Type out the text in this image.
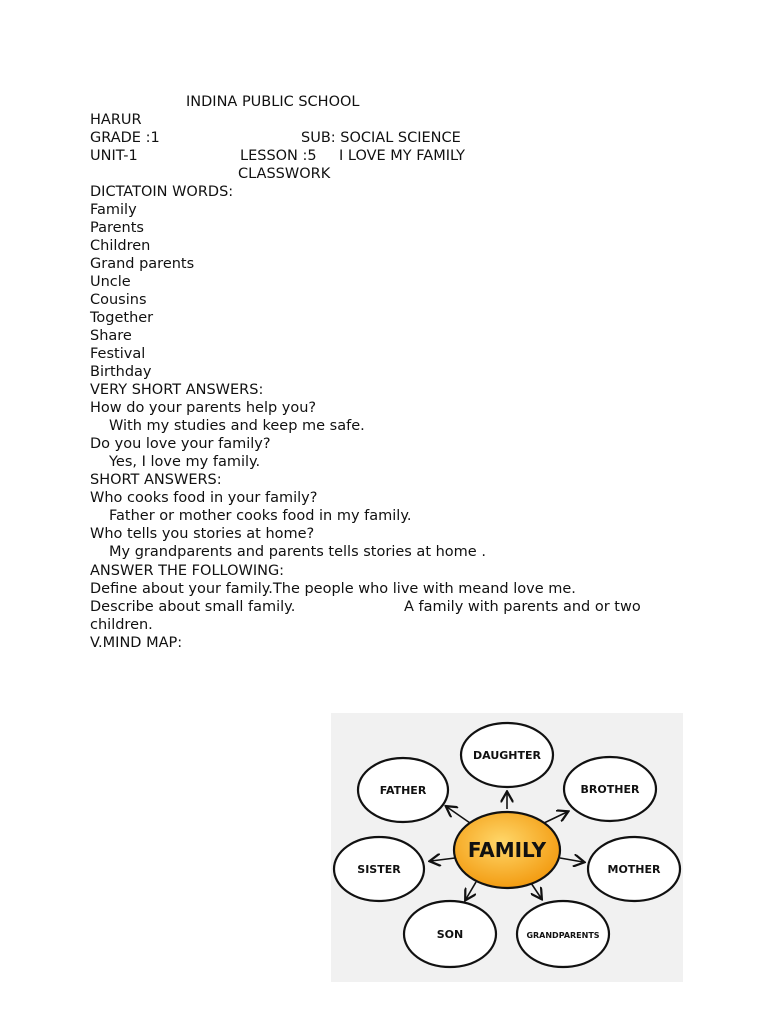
INDINA PUBLIC SCHOOL
HARUR
GRADE :1	SUB: SOCIAL SCIENCE
UNIT-1	LESSON :5 I LOVE MY FAMILY
CLASSWORK
DICTATOIN WORDS:
Family
Parents
Children
Grand parents
Uncle
Cousins
Together
Share
Festival
Birthday
VERY SHORT ANSWERS:
How do your parents help you?
With my studies and keep me safe.
Do you love your family?
Yes, I love my family.
SHORT ANSWERS:
Who cooks food in your family?
Father or mother cooks food in my family.
Who tells you stories at home?
My grandparents and parents tells stories at home .
ANSWER THE FOLLOWING:
Define about your family.The people who live with meand love me.
Describe about small family.	A family with parents and or two
children.
V.MIND MAP:
DAUGHTER
FATHER	BROTHER
SISTER	MOTHER
SON	GRANDPARENTS
FAMILY
